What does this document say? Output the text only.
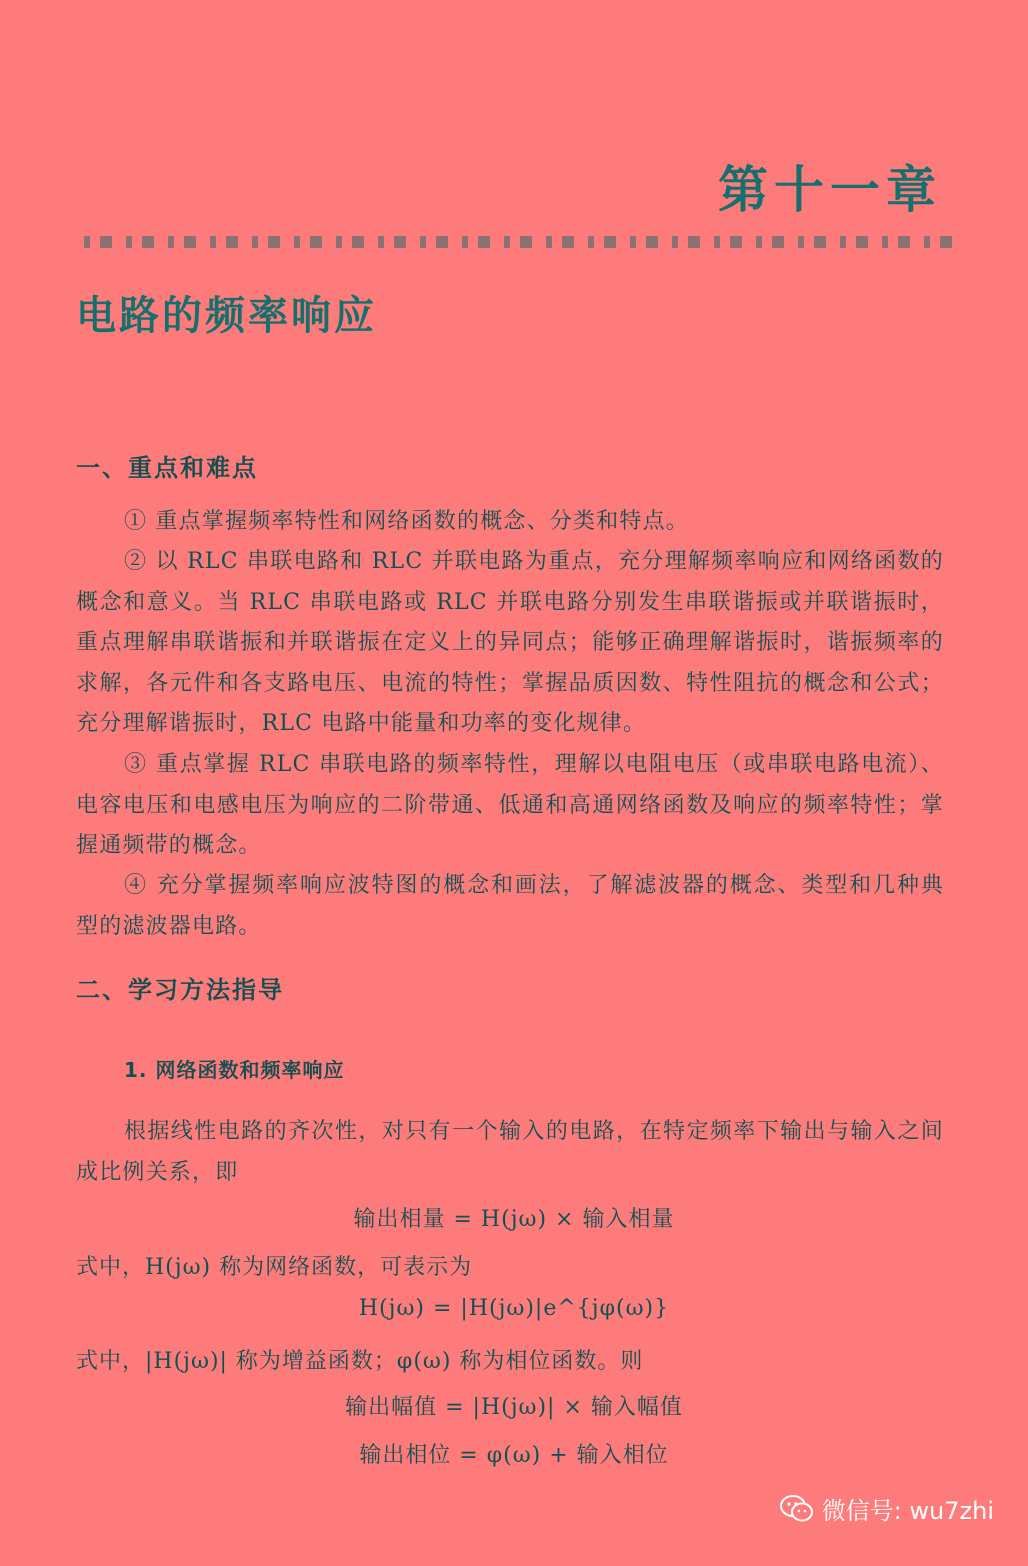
第十一章
电路的频率响应
一、重点和难点
① 重点掌握频率特性和网络函数的概念、分类和特点。
② 以 RLC 串联电路和 RLC 并联电路为重点，充分理解频率响应和网络函数的概念和意义。当 RLC 串联电路或 RLC 并联电路分别发生串联谐振或并联谐振时，重点理解串联谐振和并联谐振在定义上的异同点；能够正确理解谐振时，谐振频率的求解，各元件和各支路电压、电流的特性；掌握品质因数、特性阻抗的概念和公式；充分理解谐振时，RLC 电路中能量和功率的变化规律。
③ 重点掌握 RLC 串联电路的频率特性，理解以电阻电压（或串联电路电流）、电容电压和电感电压为响应的二阶带通、低通和高通网络函数及响应的频率特性；掌握通频带的概念。
④ 充分掌握频率响应波特图的概念和画法，了解滤波器的概念、类型和几种典型的滤波器电路。
二、学习方法指导
1. 网络函数和频率响应
根据线性电路的齐次性，对只有一个输入的电路，在特定频率下输出与输入之间成比例关系，即
输出相量 = H(jω) × 输入相量
式中，H(jω) 称为网络函数，可表示为
H(jω) = |H(jω)|e^{jφ(ω)}
式中，|H(jω)| 称为增益函数；φ(ω) 称为相位函数。则
输出幅值 = |H(jω)| × 输入幅值
输出相位 = φ(ω) + 输入相位
微信号: wu7zhi
